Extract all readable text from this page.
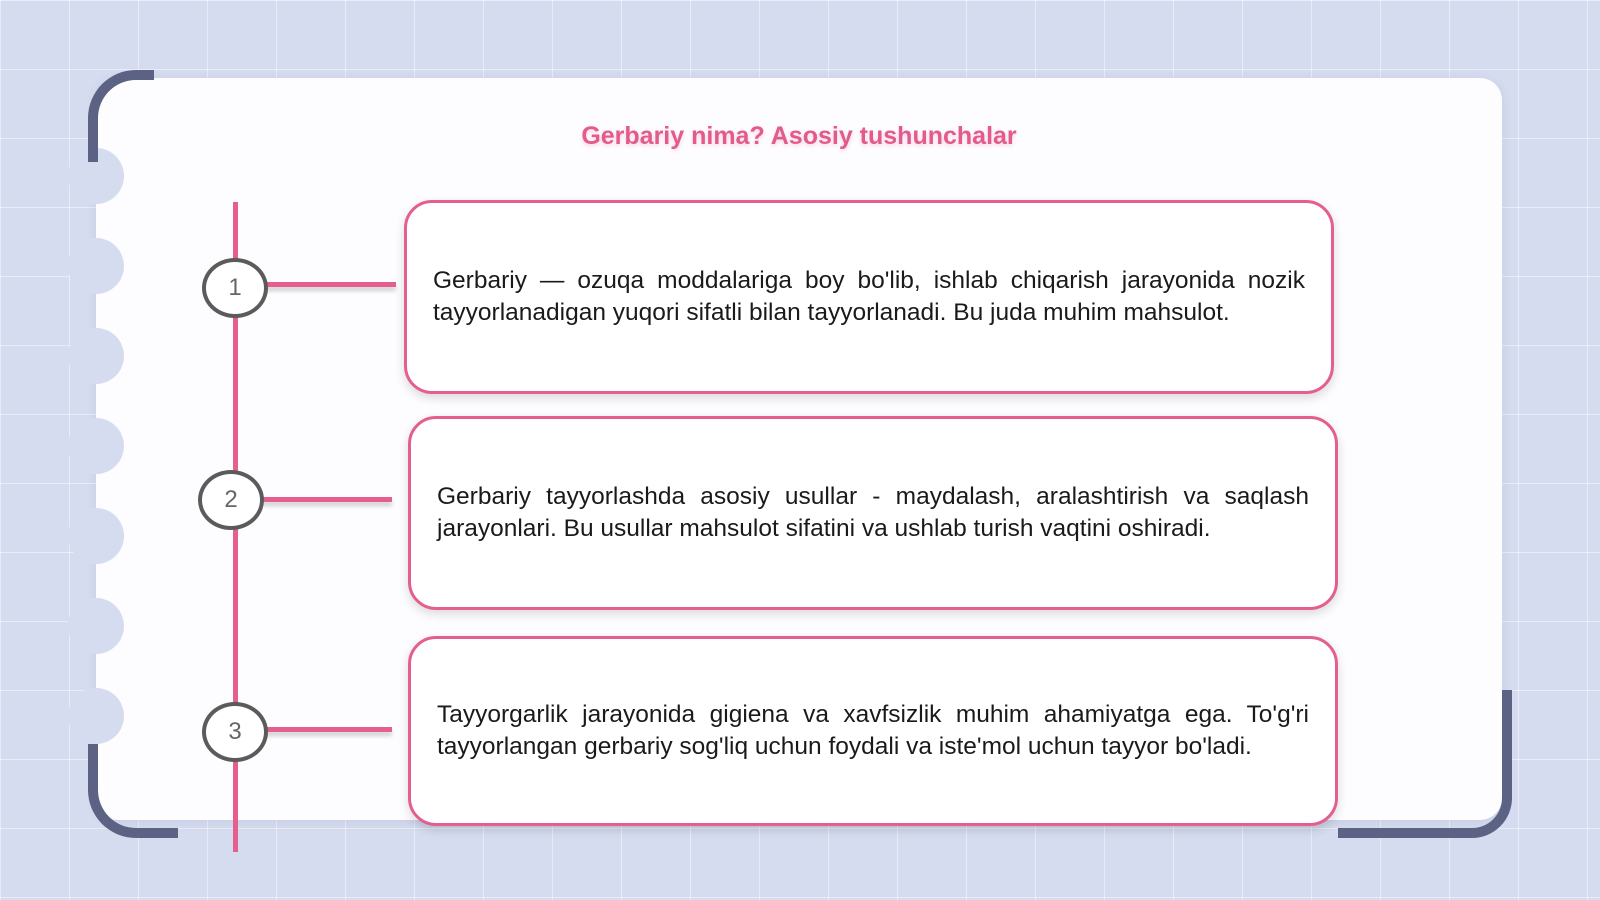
Gerbariy nima? Asosiy tushunchalar
1	Gerbariy — ozuqa moddalariga boy bo'lib, ishlab chiqarish jarayonida nozik tayyorlanadigan yuqori sifatli bilan tayyorlanadi. Bu juda muhim mahsulot.

2	Gerbariy tayyorlashda asosiy usullar - maydalash, aralashtirish va saqlash jarayonlari. Bu usullar mahsulot sifatini va ushlab turish vaqtini oshiradi.

3

Tayyorgarlik jarayonida gigiena va xavfsizlik muhim ahamiyatga ega. To'g'ri tayyorlangan gerbariy sog'liq uchun foydali va iste'mol uchun tayyor bo'ladi.
